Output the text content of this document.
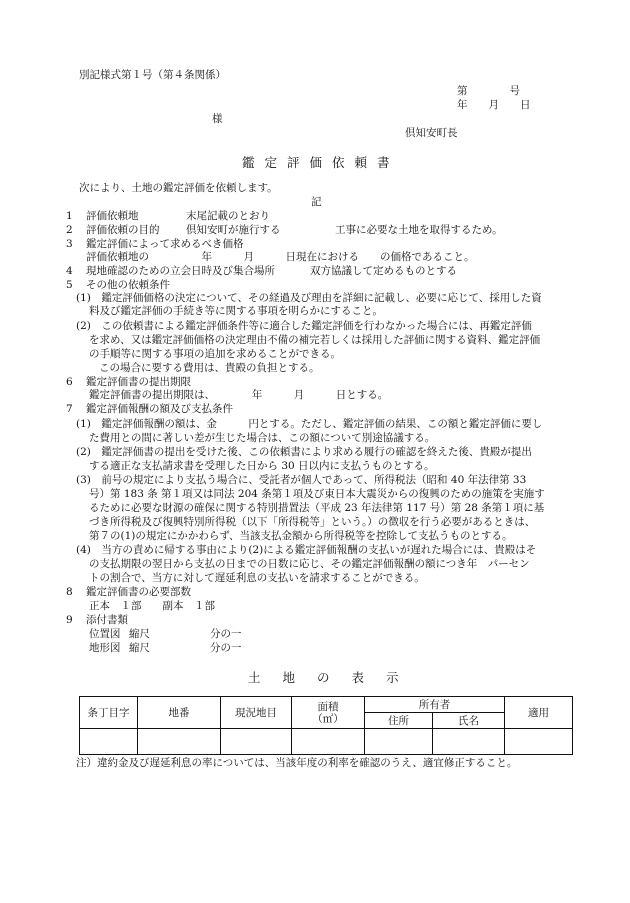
別記様式第１号（第４条関係）
第　　　　号
年　　月　　日
様
倶知安町長
鑑定評価依頼書
次により、土地の鑑定評価を依頼します。
記
1 評価依頼地	末尾記載のとおり
2 評価依頼の目的	倶知安町が施行する	工事に必要な土地を取得するため。
3 鑑定評価によって求めるべき価格
評価依頼地の　　　　　年　　　月　　　日現在における　　の価格であること。
4 現地確認のための立会日時及び集合場所	双方協議して定めるものとする
5 その他の依頼条件
(1)　鑑定評価価格の決定について、その経過及び理由を詳細に記載し、必要に応じて、採用した資
料及び鑑定評価の手続き等に関する事項を明らかにすること。
(2)　この依頼書による鑑定評価条件等に適合した鑑定評価を行わなかった場合には、再鑑定評価
を求め、又は鑑定評価価格の決定理由不備の補完若しくは採用した評価に関する資料、鑑定評価
の手順等に関する事項の追加を求めることができる。
この場合に要する費用は、貴殿の負担とする。
6 鑑定評価書の提出期限
鑑定評価書の提出期限は、　　　　年　　　月　　　日とする。
7 鑑定評価報酬の額及び支払条件
(1)　鑑定評価報酬の額は、金　　　円とする。ただし、鑑定評価の結果、この額と鑑定評価に要し
た費用との間に著しい差が生じた場合は、この額について別途協議する。
(2)　鑑定評価書の提出を受けた後、この依頼書により求める履行の確認を終えた後、貴殿が提出
する適正な支払請求書を受理した日から 30 日以内に支払うものとする。
(3)　前号の規定により支払う場合に、受託者が個人であって、所得税法（昭和 40 年法律第 33
号）第 183 条 第１項又は同法 204 条第１項及び東日本大震災からの復興のための施策を実施す
るために必要な財源の確保に関する特別措置法（平成 23 年法律第 117 号）第 28 条第１項に基
づき所得税及び復興特別所得税（以下「所得税等」という。）の徴収を行う必要があるときは、
第７の(1)の規定にかかわらず、当該支払金額から所得税等を控除して支払うものとする。
(4)　当方の責めに帰する事由により(2)による鑑定評価報酬の支払いが遅れた場合には、貴殿はそ
の支払期限の翌日から支払の日までの日数に応じ、その鑑定評価報酬の額につき年　パーセン
トの割合で、当方に対して遅延利息の支払いを請求することができる。
8 鑑定評価書の必要部数
正本　１部　　副本　１部
9 添付書類
位置図 縮尺	分の一
地形図 縮尺	分の一
土地の表示
条丁目字	地番	現況地目	面積（㎡）	所有者		適用
				住所	氏名	

注）違約金及び遅延利息の率については、当該年度の利率を確認のうえ、適宜修正すること。
